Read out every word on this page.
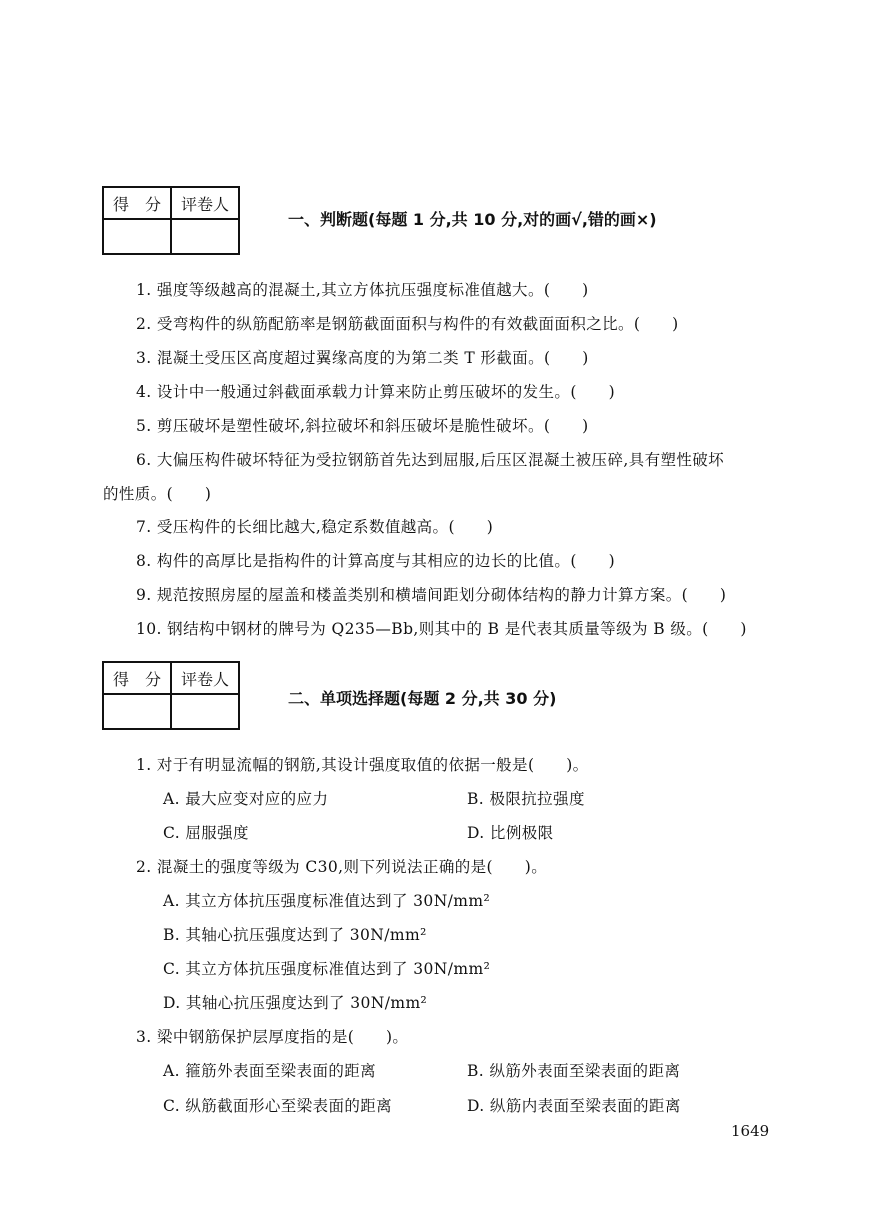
得　分	评卷人

一、判断题(每题 1 分,共 10 分,对的画√,错的画×)
1. 强度等级越高的混凝土,其立方体抗压强度标准值越大。(　　)
2. 受弯构件的纵筋配筋率是钢筋截面面积与构件的有效截面面积之比。(　　)
3. 混凝土受压区高度超过翼缘高度的为第二类 T 形截面。(　　)
4. 设计中一般通过斜截面承载力计算来防止剪压破坏的发生。(　　)
5. 剪压破坏是塑性破坏,斜拉破坏和斜压破坏是脆性破坏。(　　)
6. 大偏压构件破坏特征为受拉钢筋首先达到屈服,后压区混凝土被压碎,具有塑性破坏
的性质。(　　)
7. 受压构件的长细比越大,稳定系数值越高。(　　)
8. 构件的高厚比是指构件的计算高度与其相应的边长的比值。(　　)
9. 规范按照房屋的屋盖和楼盖类别和横墙间距划分砌体结构的静力计算方案。(　　)
10. 钢结构中钢材的牌号为 Q235—Bb,则其中的 B 是代表其质量等级为 B 级。(　　)
得　分	评卷人

二、单项选择题(每题 2 分,共 30 分)
1. 对于有明显流幅的钢筋,其设计强度取值的依据一般是(　　)。
A. 最大应变对应的应力	B. 极限抗拉强度
C. 屈服强度	D. 比例极限
2. 混凝土的强度等级为 C30,则下列说法正确的是(　　)。
A. 其立方体抗压强度标准值达到了 30N/mm²
B. 其轴心抗压强度达到了 30N/mm²
C. 其立方体抗压强度标准值达到了 30N/mm²
D. 其轴心抗压强度达到了 30N/mm²
3. 梁中钢筋保护层厚度指的是(　　)。
A. 箍筋外表面至梁表面的距离	B. 纵筋外表面至梁表面的距离
C. 纵筋截面形心至梁表面的距离	D. 纵筋内表面至梁表面的距离
1649
